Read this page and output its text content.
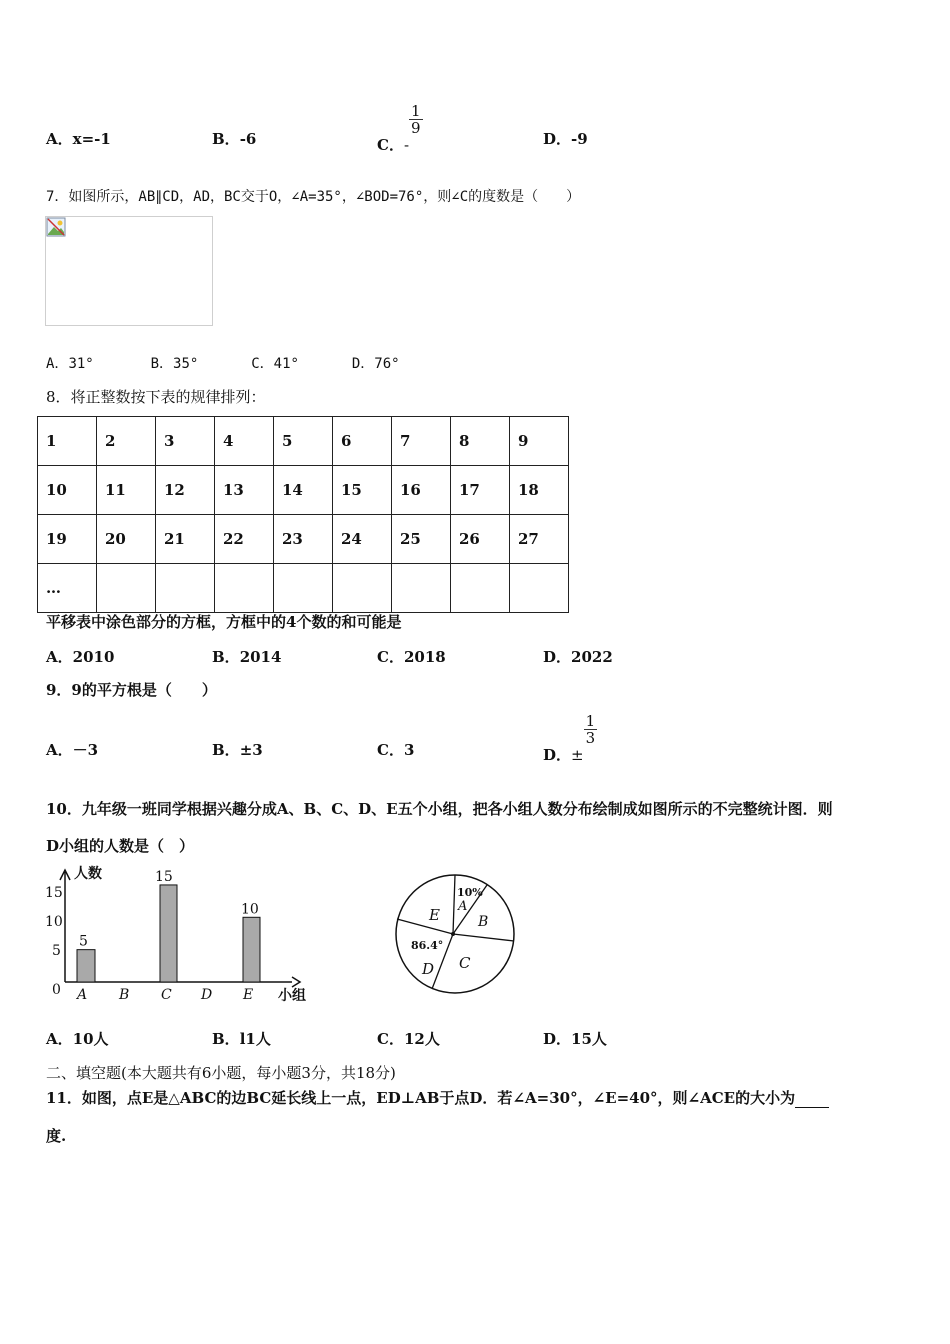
A．x=-1	B．-6	C．-
$\frac{1}{9}$
D．-9
7．如图所示，AB∥CD，AD，BC交于O，∠A=35°，∠BOD=76°，则∠C的度数是（　　）
A．31°	B．35°	C．41°	D．76°
8．将正整数按下表的规律排列：
1	2	3	4	5	6	7	8	9
10	11	12	13	14	15	16	17	18
19	20	21	22	23	24	25	26	27
…								
平移表中涂色部分的方框，方框中的4个数的和可能是
A．2010	B．2014	C．2018	D．2022
9．9的平方根是（　　）
A．－3	B．±3	C．3	D．±
$\frac{1}{3}$
10．九年级一班同学根据兴趣分成A、B、C、D、E五个小组，把各小组人数分布绘制成如图所示的不完整统计图．则
D小组的人数是（　）
人数
小组
0
5
10
15
5
15
10
A B C D E
10%
A
B
C
D
E
86.4°
A．10人	B．l1人	C．12人	D．15人
二、填空题(本大题共有6小题，每小题3分，共18分)
11．如图，点E是△ABC的边BC延长线上一点，ED⊥AB于点D．若∠A=30°，∠E=40°，则∠ACE的大小为
度.
